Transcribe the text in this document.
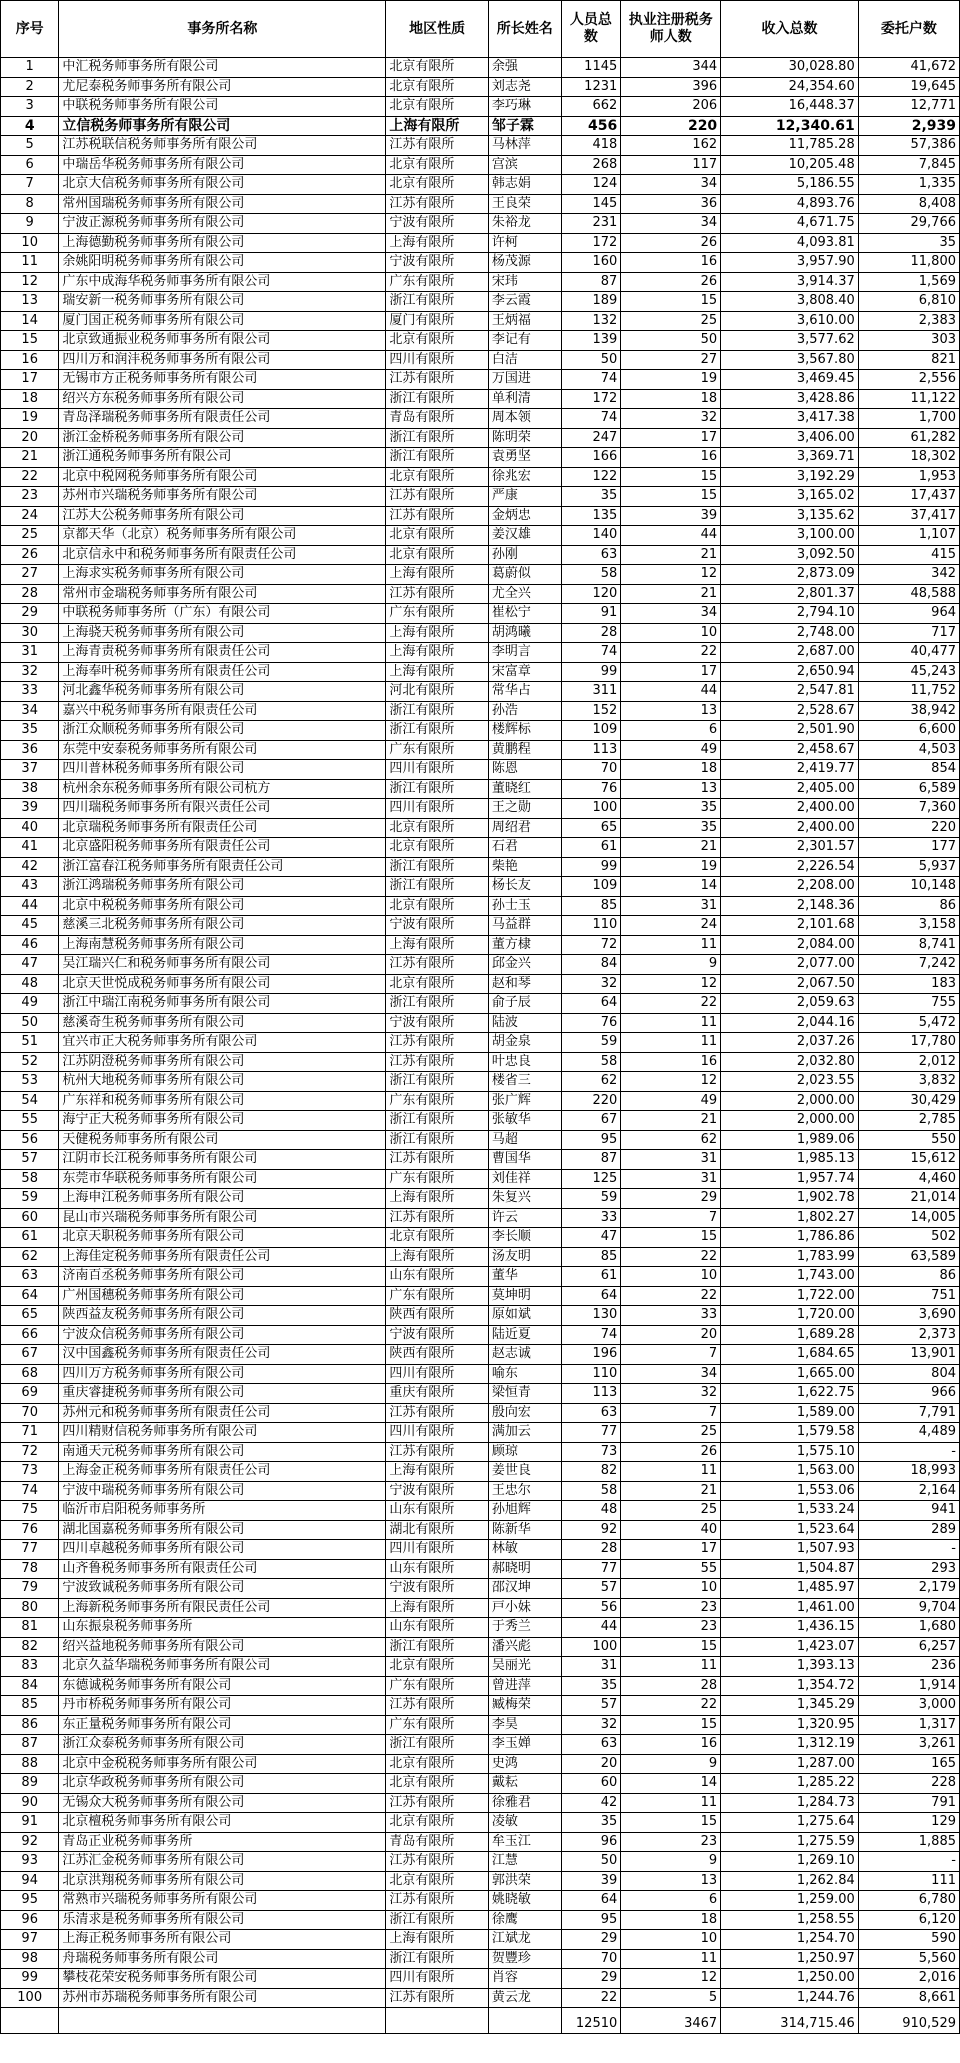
序号	事务所名称	地区性质	所长姓名	人员总数	执业注册税务师人数	收入总数	委托户数
1	中汇税务师事务所有限公司	北京有限所	余强	1145	344	30,028.80	41,672
2	尤尼泰税务师事务所有限公司	北京有限所	刘志尧	1231	396	24,354.60	19,645
3	中联税务师事务所有限公司	北京有限所	李巧琳	662	206	16,448.37	12,771
4	立信税务师事务所有限公司	上海有限所	邹子霖	456	220	12,340.61	2,939
5	江苏税联信税务师事务所有限公司	江苏有限所	马林萍	418	162	11,785.28	57,386
6	中瑞岳华税务师事务所有限公司	北京有限所	宫滨	268	117	10,205.48	7,845
7	北京大信税务师事务所有限公司	北京有限所	韩志娟	124	34	5,186.55	1,335
8	常州国瑞税务师事务所有限公司	江苏有限所	王良荣	145	36	4,893.76	8,408
9	宁波正源税务师事务所有限公司	宁波有限所	朱裕龙	231	34	4,671.75	29,766
10	上海德勤税务师事务所有限公司	上海有限所	许柯	172	26	4,093.81	35
11	余姚阳明税务师事务所有限公司	宁波有限所	杨茂源	160	16	3,957.90	11,800
12	广东中成海华税务师事务所有限公司	广东有限所	宋玮	87	26	3,914.37	1,569
13	瑞安新一税务师事务所有限公司	浙江有限所	李云霞	189	15	3,808.40	6,810
14	厦门国正税务师事务所有限公司	厦门有限所	王炳福	132	25	3,610.00	2,383
15	北京致通振业税务师事务所有限公司	北京有限所	李记有	139	50	3,577.62	303
16	四川万和润沣税务师事务所有限公司	四川有限所	白洁	50	27	3,567.80	821
17	无锡市方正税务师事务所有限公司	江苏有限所	万国进	74	19	3,469.45	2,556
18	绍兴方东税务师事务所有限公司	浙江有限所	单利清	172	18	3,428.86	11,122
19	青岛泽瑞税务师事务所有限责任公司	青岛有限所	周本领	74	32	3,417.38	1,700
20	浙江金桥税务师事务所有限公司	浙江有限所	陈明荣	247	17	3,406.00	61,282
21	浙江通税务师事务所有限公司	浙江有限所	袁勇坚	166	16	3,369.71	18,302
22	北京中税网税务师事务所有限公司	北京有限所	徐兆宏	122	15	3,192.29	1,953
23	苏州市兴瑞税务师事务所有限公司	江苏有限所	严康	35	15	3,165.02	17,437
24	江苏大公税务师事务所有限公司	江苏有限所	金炳忠	135	39	3,135.62	37,417
25	京都天华（北京）税务师事务所有限公司	北京有限所	姜汉雄	140	44	3,100.00	1,107
26	北京信永中和税务师事务所有限责任公司	北京有限所	孙刚	63	21	3,092.50	415
27	上海求实税务师事务所有限公司	上海有限所	葛蔚似	58	12	2,873.09	342
28	常州市金瑞税务师事务所有限公司	江苏有限所	尤全兴	120	21	2,801.37	48,588
29	中联税务师事务所（广东）有限公司	广东有限所	崔松宁	91	34	2,794.10	964
30	上海骁天税务师事务所有限公司	上海有限所	胡鸿曦	28	10	2,748.00	717
31	上海青责税务师事务所有限责任公司	上海有限所	李明言	74	22	2,687.00	40,477
32	上海奉叶税务师事务所有限责任公司	上海有限所	宋富章	99	17	2,650.94	45,243
33	河北鑫华税务师事务所有限公司	河北有限所	常华占	311	44	2,547.81	11,752
34	嘉兴中税务师事务所有限责任公司	浙江有限所	孙浩	152	13	2,528.67	38,942
35	浙江众顺税务师事务所有限公司	浙江有限所	楼辉标	109	6	2,501.90	6,600
36	东莞中安泰税务师事务所有限公司	广东有限所	黄鹏程	113	49	2,458.67	4,503
37	四川普林税务师事务所有限公司	四川有限所	陈恩	70	18	2,419.77	854
38	杭州余东税务师事务所有限公司杭方	浙江有限所	董晓红	76	13	2,405.00	6,589
39	四川瑞税务师事务所有限兴责任公司	四川有限所	王之勋	100	35	2,400.00	7,360
40	北京瑞税务师事务所有限责任公司	北京有限所	周绍君	65	35	2,400.00	220
41	北京盛阳税务师事务所有限责任公司	北京有限所	石君	61	21	2,301.57	177
42	浙江富春江税务师事务所有限责任公司	浙江有限所	柴艳	99	19	2,226.54	5,937
43	浙江鸿瑞税务师事务所有限公司	浙江有限所	杨长友	109	14	2,208.00	10,148
44	北京中税税务师事务所有限公司	北京有限所	孙士玉	85	31	2,148.36	86
45	慈溪三北税务师事务所有限公司	宁波有限所	马益群	110	24	2,101.68	3,158
46	上海南慧税务师事务所有限公司	上海有限所	董方棣	72	11	2,084.00	8,741
47	吴江瑞兴仁和税务师事务所有限公司	江苏有限所	邱金兴	84	9	2,077.00	7,242
48	北京天世悦成税务师事务所有限公司	北京有限所	赵和琴	32	12	2,067.50	183
49	浙江中瑞江南税务师事务所有限公司	浙江有限所	俞子辰	64	22	2,059.63	755
50	慈溪奇生税务师事务所有限公司	宁波有限所	陆波	76	11	2,044.16	5,472
51	宜兴市正大税务师事务所有限公司	江苏有限所	胡金泉	59	11	2,037.26	17,780
52	江苏阴澄税务师事务所有限公司	江苏有限所	叶忠良	58	16	2,032.80	2,012
53	杭州大地税务师事务所有限公司	浙江有限所	楼省三	62	12	2,023.55	3,832
54	广东祥和税务师事务所有限公司	广东有限所	张广辉	220	49	2,000.00	30,429
55	海宁正大税务师事务所有限公司	浙江有限所	张敏华	67	21	2,000.00	2,785
56	天健税务师事务所有限公司	浙江有限所	马超	95	62	1,989.06	550
57	江阴市长江税务师事务所有限公司	江苏有限所	曹国华	87	31	1,985.13	15,612
58	东莞市华联税务师事务所有限公司	广东有限所	刘佳祥	125	31	1,957.74	4,460
59	上海申江税务师事务所有限公司	上海有限所	朱复兴	59	29	1,902.78	21,014
60	昆山市兴瑞税务师事务所有限公司	江苏有限所	许云	33	7	1,802.27	14,005
61	北京天职税务师事务所有限公司	北京有限所	李长顺	47	15	1,786.86	502
62	上海佳定税务师事务所有限责任公司	上海有限所	汤友明	85	22	1,783.99	63,589
63	济南百丞税务师事务所有限公司	山东有限所	董华	61	10	1,743.00	86
64	广州国穗税务师事务所有限公司	广东有限所	莫坤明	64	22	1,722.00	751
65	陕西益友税务师事务所有限公司	陕西有限所	原如斌	130	33	1,720.00	3,690
66	宁波众信税务师事务所有限公司	宁波有限所	陆近夏	74	20	1,689.28	2,373
67	汉中国鑫税务师事务所有限责任公司	陕西有限所	赵志诚	196	7	1,684.65	13,901
68	四川万方税务师事务所有限公司	四川有限所	喻东	110	34	1,665.00	804
69	重庆睿捷税务师事务所有限公司	重庆有限所	梁恒青	113	32	1,622.75	966
70	苏州元和税务师事务所有限责任公司	江苏有限所	殷向宏	63	7	1,589.00	7,791
71	四川精财信税务师事务所有限公司	四川有限所	满加云	77	25	1,579.58	4,489
72	南通天元税务师事务所有限公司	江苏有限所	顾琼	73	26	1,575.10	-
73	上海金正税务师事务所有限责任公司	上海有限所	姜世良	82	11	1,563.00	18,993
74	宁波中瑞税务师事务所有限公司	宁波有限所	王忠尔	58	21	1,553.06	2,164
75	临沂市启阳税务师事务所	山东有限所	孙旭辉	48	25	1,533.24	941
76	湖北国嘉税务师事务所有限公司	湖北有限所	陈新华	92	40	1,523.64	289
77	四川卓越税务师事务所有限公司	四川有限所	林敏	28	17	1,507.93	-
78	山齐鲁税务师事务所有限责任公司	山东有限所	郝晓明	77	55	1,504.87	293
79	宁波致诚税务师事务所有限公司	宁波有限所	邵汉坤	57	10	1,485.97	2,179
80	上海新税务师事务所有限民责任公司	上海有限所	戸小妹	56	23	1,461.00	9,704
81	山东振泉税务师事务所	山东有限所	于秀兰	44	23	1,436.15	1,680
82	绍兴益地税务师事务所有限公司	浙江有限所	潘兴彪	100	15	1,423.07	6,257
83	北京久益华瑞税务师事务所有限公司	北京有限所	吴丽光	31	11	1,393.13	236
84	东德诚税务师事务所有限公司	广东有限所	曾进萍	35	28	1,354.72	1,914
85	丹市桥税务师事务所有限公司	江苏有限所	臧梅荣	57	22	1,345.29	3,000
86	东正量税务师事务所有限公司	广东有限所	李昊	32	15	1,320.95	1,317
87	浙江众泰税务师事务所有限公司	浙江有限所	李玉婵	63	16	1,312.19	3,261
88	北京中金税税务师事务所有限公司	北京有限所	史鸿	20	9	1,287.00	165
89	北京华政税务师事务所有限公司	北京有限所	戴耘	60	14	1,285.22	228
90	无锡众大税务师事务所有限公司	江苏有限所	徐雅君	42	11	1,284.73	791
91	北京檀税务师事务所有限公司	北京有限所	凌敏	35	15	1,275.64	129
92	青岛正业税务师事务所	青岛有限所	牟玉江	96	23	1,275.59	1,885
93	江苏汇金税务师事务所有限公司	江苏有限所	江慧	50	9	1,269.10	-
94	北京洪翔税务师事务所有限公司	北京有限所	郭洪荣	39	13	1,262.84	111
95	常熟市兴瑞税务师事务所有限公司	江苏有限所	姚晓敏	64	6	1,259.00	6,780
96	乐清求是税务师事务所有限公司	浙江有限所	徐鹰	95	18	1,258.55	6,120
97	上海正税务师事务所有限公司	上海有限所	江斌龙	29	10	1,254.70	590
98	舟瑞税务师事务所有限公司	浙江有限所	贺豐珍	70	11	1,250.97	5,560
99	攀枝花荣安税务师事务所有限公司	四川有限所	肖容	29	12	1,250.00	2,016
100	苏州市苏瑞税务师事务所有限公司	江苏有限所	黄云龙	22	5	1,244.76	8,661
				12510	3467	314,715.46	910,529
